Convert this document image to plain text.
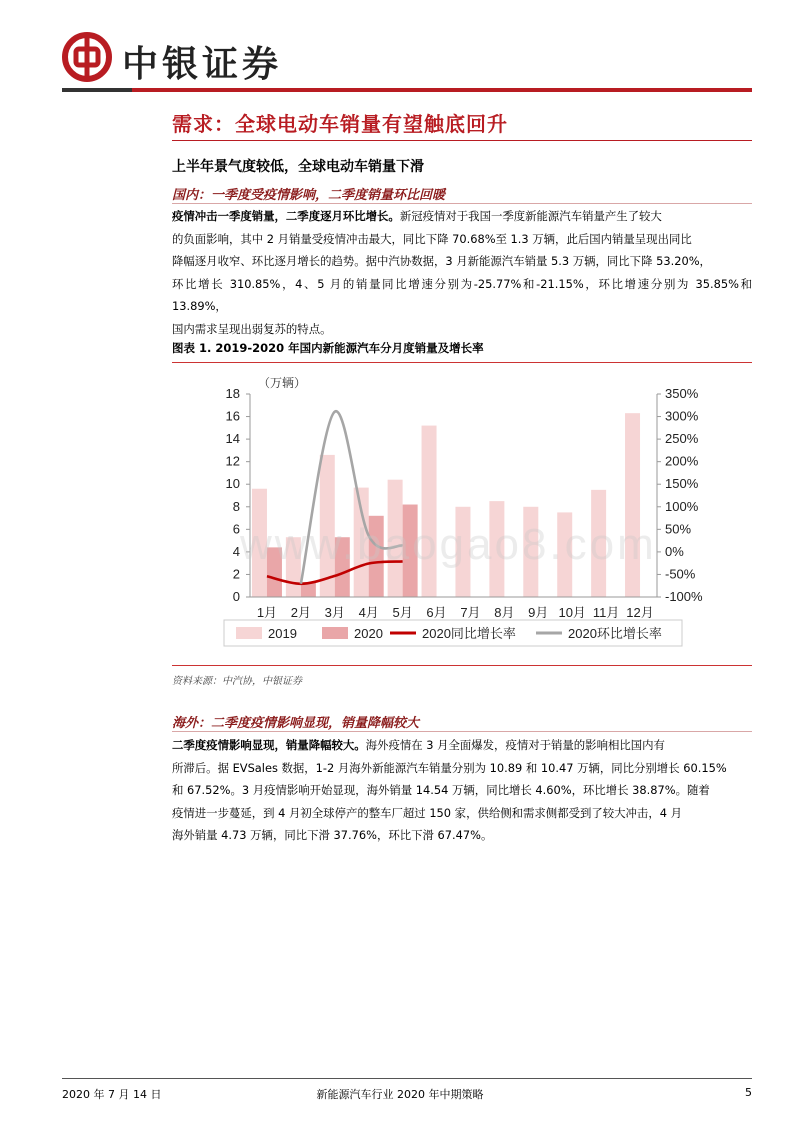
中银证券
需求：全球电动车销量有望触底回升
上半年景气度较低，全球电动车销量下滑
国内：一季度受疫情影响，二季度销量环比回暖
疫情冲击一季度销量，二季度逐月环比增长。新冠疫情对于我国一季度新能源汽车销量产生了较大
的负面影响，其中 2 月销量受疫情冲击最大，同比下降 70.68%至 1.3 万辆，此后国内销量呈现出同比
降幅逐月收窄、环比逐月增长的趋势。据中汽协数据，3 月新能源汽车销量 5.3 万辆，同比下降 53.20%，
环比增长 310.85%，4、5 月的销量同比增速分别为-25.77%和-21.15%，环比增速分别为 35.85%和 13.89%，
国内需求呈现出弱复苏的特点。
图表 1. 2019-2020 年国内新能源汽车分月度销量及增长率
0
2
4
6
8
10
12
14
16
18
-100%
-50%
0%
50%
100%
150%
200%
250%
300%
350%
1月 2月 3月 4月 5月 6月 7月 8月 9月 10月 11月 12月
（万辆）
2019	2020	2020同比增长率	2020环比增长率
资料来源：中汽协，中银证券
www.baogao8.com
海外：二季度疫情影响显现，销量降幅较大
二季度疫情影响显现，销量降幅较大。海外疫情在 3 月全面爆发，疫情对于销量的影响相比国内有
所滞后。据 EVSales 数据，1-2 月海外新能源汽车销量分别为 10.89 和 10.47 万辆，同比分别增长 60.15%
和 67.52%。3 月疫情影响开始显现，海外销量 14.54 万辆，同比增长 4.60%，环比增长 38.87%。随着
疫情进一步蔓延，到 4 月初全球停产的整车厂超过 150 家，供给侧和需求侧都受到了较大冲击，4 月
海外销量 4.73 万辆，同比下滑 37.76%，环比下滑 67.47%。
2020 年 7 月 14 日	新能源汽车行业 2020 年中期策略	5
